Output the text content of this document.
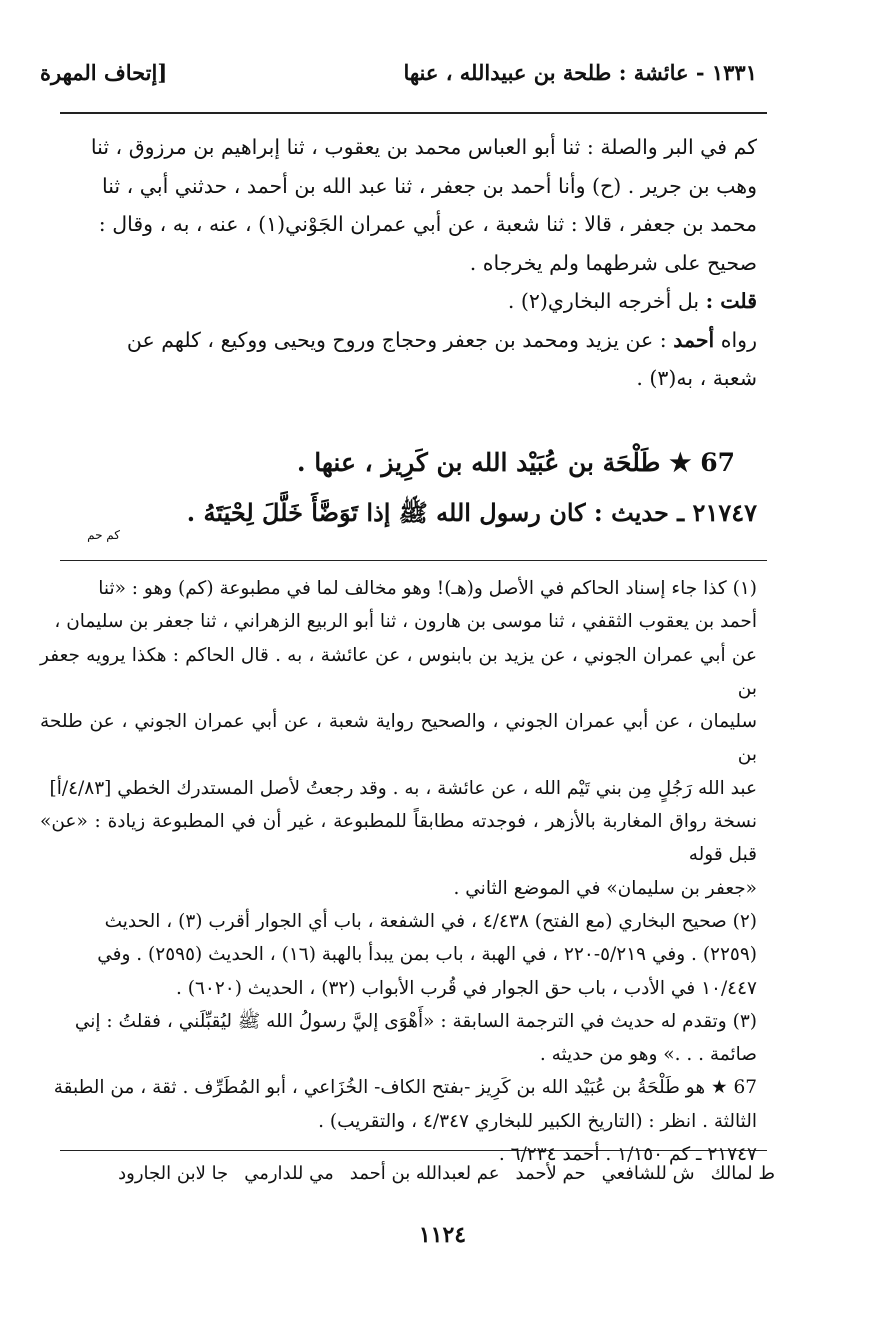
١٣٣١ - عائشة : طلحة بن عبيدالله ، عنها
[إتحاف المهرة

كم في البر والصلة : ثنا أبو العباس محمد بن يعقوب ، ثنا إبراهيم بن مرزوق ، ثنا

وهب بن جرير . (ح) وأنا أحمد بن جعفر ، ثنا عبد الله بن أحمد ، حدثني أبي ، ثنا

محمد بن جعفر ، قالا : ثنا شعبة ، عن أبي عمران الجَوْني(١) ، عنه ، به ، وقال :

صحيح على شرطهما ولم يخرجاه .

قلت : بل أخرجه البخاري(٢) .

رواه أحمد : عن يزيد ومحمد بن جعفر وحجاج وروح ويحيى ووكيع ، كلهم عن

شعبة ، به(٣) .

67 ★ طَلْحَة بن عُبَيْد الله بن كَرِيز ، عنها .
٢١٧٤٧ ـ حديث : كان رسول الله ﷺ إذا تَوَضَّأَ خَلَّلَ لِحْيَتَهُ .
كم حم

(١) كذا جاء إسناد الحاكم في الأصل و(هـ)! وهو مخالف لما في مطبوعة (كم) وهو : «ثنا

أحمد بن يعقوب الثقفي ، ثنا موسى بن هارون ، ثنا أبو الربيع الزهراني ، ثنا جعفر بن سليمان ،

عن أبي عمران الجوني ، عن يزيد بن بابنوس ، عن عائشة ، به . قال الحاكم : هكذا يرويه جعفر بن

سليمان ، عن أبي عمران الجوني ، والصحيح رواية شعبة ، عن أبي عمران الجوني ، عن طلحة بن

عبد الله رَجُلٍ مِن بني تَيْم الله ، عن عائشة ، به . وقد رجعتُ لأصل المستدرك الخطي [٤/٨٣/أ]

نسخة رواق المغاربة بالأزهر ، فوجدته مطابقاً للمطبوعة ، غير أن في المطبوعة زيادة : «عن» قبل قوله

«جعفر بن سليمان» في الموضع الثاني .

(٢) صحيح البخاري (مع الفتح) ٤/٤٣٨ ، في الشفعة ، باب أي الجوار أقرب (٣) ، الحديث

(٢٢٥٩) . وفي ٥/٢١٩-٢٢٠ ، في الهبة ، باب بمن يبدأ بالهبة (١٦) ، الحديث (٢٥٩٥) . وفي

١٠/٤٤٧ في الأدب ، باب حق الجوار في قُرب الأبواب (٣٢) ، الحديث (٦٠٢٠) .

(٣) وتقدم له حديث في الترجمة السابقة : «أَهْوَى إليَّ رسولُ الله ﷺ ليُقبِّلَني ، فقلتُ : إني

صائمة . . .» وهو من حديثه .

67 ★ هو طَلْحَةُ بن عُبَيْد الله بن كَرِيز -بفتح الكاف- الخُزَاعي ، أبو المُطَرِّف . ثقة ، من الطبقة

الثالثة . انظر : (التاريخ الكبير للبخاري ٤/٣٤٧ ، والتقريب) .

٢١٧٤٧ ـ كم ١/١٥٠ . أحمد ٦/٢٣٤ .

ط لمالك
ش للشافعي
حم لأحمد
عم لعبدالله بن أحمد
مي للدارمي
جا لابن الجارود
١١٢٤
